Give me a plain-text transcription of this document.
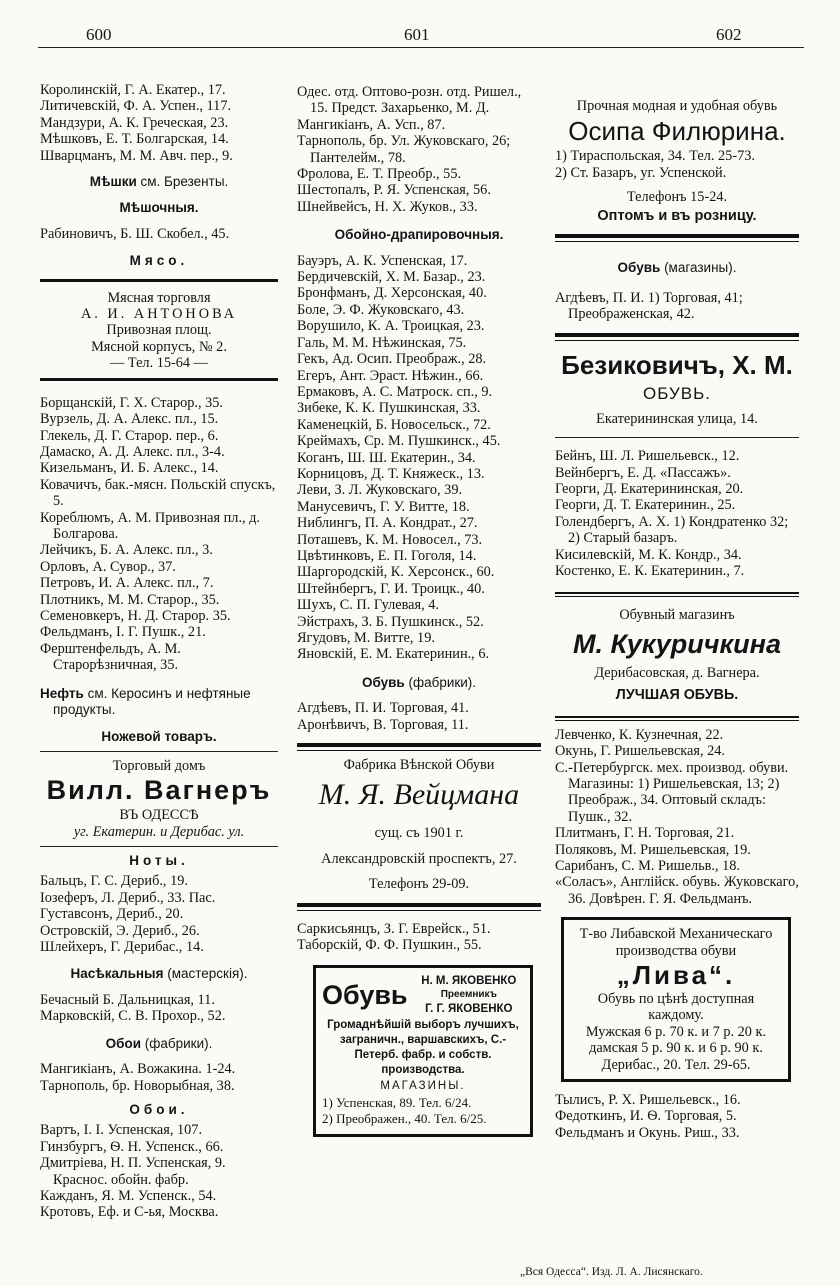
600	601	602
Королинскій, Г. А. Екатер., 17.
Литичевскій, Ф. А. Успен., 117.
Мандзури, А. К. Греческая, 23.
Мѣшковъ, Е. Т. Болгарская, 14.
Шварцманъ, М. М. Авч. пер., 9.
Мѣшки см. Брезенты.
Мѣшочныя.
Рабиновичъ, Б. Ш. Скобел., 45.
Мясо.

Мясная торговля

А. И. АНТОНОВА

Привозная площ.

Мясной корпусъ, № 2.

— Тел. 15-64 —

Борщанскій, Г. Х. Старор., 35.
Вурзель, Д. А. Алекс. пл., 15.
Глекель, Д. Г. Старор. пер., 6.
Дамаско, А. Д. Алекс. пл., 3-4.
Кизельманъ, И. Б. Алекс., 14.
Ковачичъ, бак.-мясн. Польскій спускъ, 5.
Кореблюмъ, А. М. Привозная пл., д. Болгарова.
Лейчикъ, Б. А. Алекс. пл., 3.
Орловъ, А. Сувор., 37.
Петровъ, И. А. Алекс. пл., 7.
Плотникъ, М. М. Старор., 35.
Семеновкеръ, Н. Д. Старор. 35.
Фельдманъ, І. Г. Пушк., 21.
Ферштенфельдъ, А. М. Старорѣзничная, 35.
Нефть см. Керосинъ и нефтяные продукты.
Ножевой товаръ.

Торговый домъ

Вилл. Вагнеръ

ВЪ ОДЕССѢ

уг. Екатерин. и Дерибас. ул.

Ноты.
Бальцъ, Г. С. Дериб., 19.
Іозеферъ, Л. Дериб., 33. Пас.
Густавсонъ, Дериб., 20.
Островскій, Э. Дериб., 26.
Шлейхеръ, Г. Дерибас., 14.
Насѣкальныя (мастерскія).
Бечасный Б. Дальницкая, 11.
Марковскій, С. В. Прохор., 52.
Обои (фабрики).
Мангикіанъ, А. Вожакина. 1-24.
Тарнополь, бр. Новорыбная, 38.
Обои.
Вартъ, І. І. Успенская, 107.
Гинзбургъ, Ѳ. Н. Успенск., 66.
Дмитріева, Н. П. Успенская, 9. Краснос. обойн. фабр.
Кажданъ, Я. М. Успенск., 54.
Кротовъ, Еф. и С-ья, Москва.
Одес. отд. Оптово-розн. отд. Ришел., 15. Предст. Захарьенко, М. Д.
Мангикіанъ, А. Усп., 87.
Тарнополь, бр. Ул. Жуковскаго, 26; Пантелейм., 78.
Фролова, Е. Т. Преобр., 55.
Шестопалъ, Р. Я. Успенская, 56.
Шнейвейсъ, Н. Х. Жуков., 33.
Обойно-драпировочныя.
Бауэръ, А. К. Успенская, 17.
Бердичевскій, Х. М. Базар., 23.
Бронфманъ, Д. Херсонская, 40.
Боле, Э. Ф. Жуковскаго, 43.
Ворушило, К. А. Троицкая, 23.
Галь, М. М. Нѣжинская, 75.
Гекъ, Ад. Осип. Преображ., 28.
Егеръ, Ант. Эраст. Нѣжин., 66.
Ермаковъ, А. С. Матроск. сп., 9.
Зибеке, К. К. Пушкинская, 33.
Каменецкій, Б. Новосельск., 72.
Креймахъ, Ср. М. Пушкинск., 45.
Коганъ, Ш. Ш. Екатерин., 34.
Корницовъ, Д. Т. Княжеск., 13.
Леви, З. Л. Жуковскаго, 39.
Манусевичъ, Г. У. Витте, 18.
Ниблингъ, П. А. Кондрат., 27.
Поташевъ, К. М. Новосел., 73.
Цвѣтинковъ, Е. П. Гоголя, 14.
Шаргородскій, К. Херсонск., 60.
Штейнбергъ, Г. И. Троицк., 40.
Шухъ, С. П. Гулевая, 4.
Эйстрахъ, З. Б. Пушкинск., 52.
Ягудовъ, М. Витте, 19.
Яновскій, Е. М. Екатеринин., 6.
Обувь (фабрики).
Агдѣевъ, П. И. Торговая, 41.
Аронѣвичъ, В. Торговая, 11.

Фабрика Вѣнской Обуви

М. Я. Вейцмана

сущ. съ 1901 г.

Александровскій проспектъ, 27.

Телефонъ 29-09.

Саркисьянцъ, З. Г. Еврейск., 51.
Таборскій, Ф. Ф. Пушкин., 55.
Обувь	Н. М. ЯКОВЕНКО

Преемникъ

Г. Г. ЯКОВЕНКО

Громаднѣйшій выборъ лучшихъ, заграничн., варшавскихъ, С.-Петерб. фабр. и собств. производства.

МАГАЗИНЫ.

1) Успенская, 89. Тел. 6/24.

2) Преображен., 40. Тел. 6/25.

Прочная модная и удобная обувь

Осипа Филюрина.

1) Тираспольская, 34. Тел. 25-73.

2) Ст. Базаръ, уг. Успенской.

Телефонъ 15-24.

Оптомъ и въ розницу.

Обувь (магазины).
Агдѣевъ, П. И. 1) Торговая, 41; Преображенская, 42.

Безиковичъ, Х. М.

ОБУВЬ.

Екатерининская улица, 14.

Бейнъ, Ш. Л. Ришельевск., 12.
Вейнбергъ, Е. Д. «Пассажъ».
Георги, Д. Екатерининская, 20.
Георги, Д. Т. Екатеринин., 25.
Голендбергъ, А. Х. 1) Кондратенко 32; 2) Старый базаръ.
Кисилевскій, М. К. Кондр., 34.
Костенко, Е. К. Екатеринин., 7.

Обувный магазинъ

М. Кукуричкина

Дерибасовская, д. Вагнера.

ЛУЧШАЯ ОБУВЬ.

Левченко, К. Кузнечная, 22.
Окунь, Г. Ришельевская, 24.
С.-Петербургск. мех. производ. обуви. Магазины: 1) Ришельевская, 13; 2) Преображ., 34. Оптовый складъ: Пушк., 32.
Плитманъ, Г. Н. Торговая, 21.
Поляковъ, М. Ришельевская, 19.
Сарибанъ, С. М. Ришельв., 18.
«Соласъ», Англійск. обувь. Жуковскаго, 36. Довѣрен. Г. Я. Фельдманъ.

Т-во Либавской Механическаго производства обуви

„Лива“.

Обувь по цѣнѣ доступная каждому.

Мужская 6 р. 70 к. и 7 р. 20 к.

дамская 5 р. 90 к. и 6 р. 90 к.

Дерибас., 20. Тел. 29-65.

Тылисъ, Р. Х. Ришельевск., 16.
Федоткинъ, И. Ѳ. Торговая, 5.
Фельдманъ и Окунь. Риш., 33.
„Вся Одесса“. Изд. Л. А. Лисянскаго.
